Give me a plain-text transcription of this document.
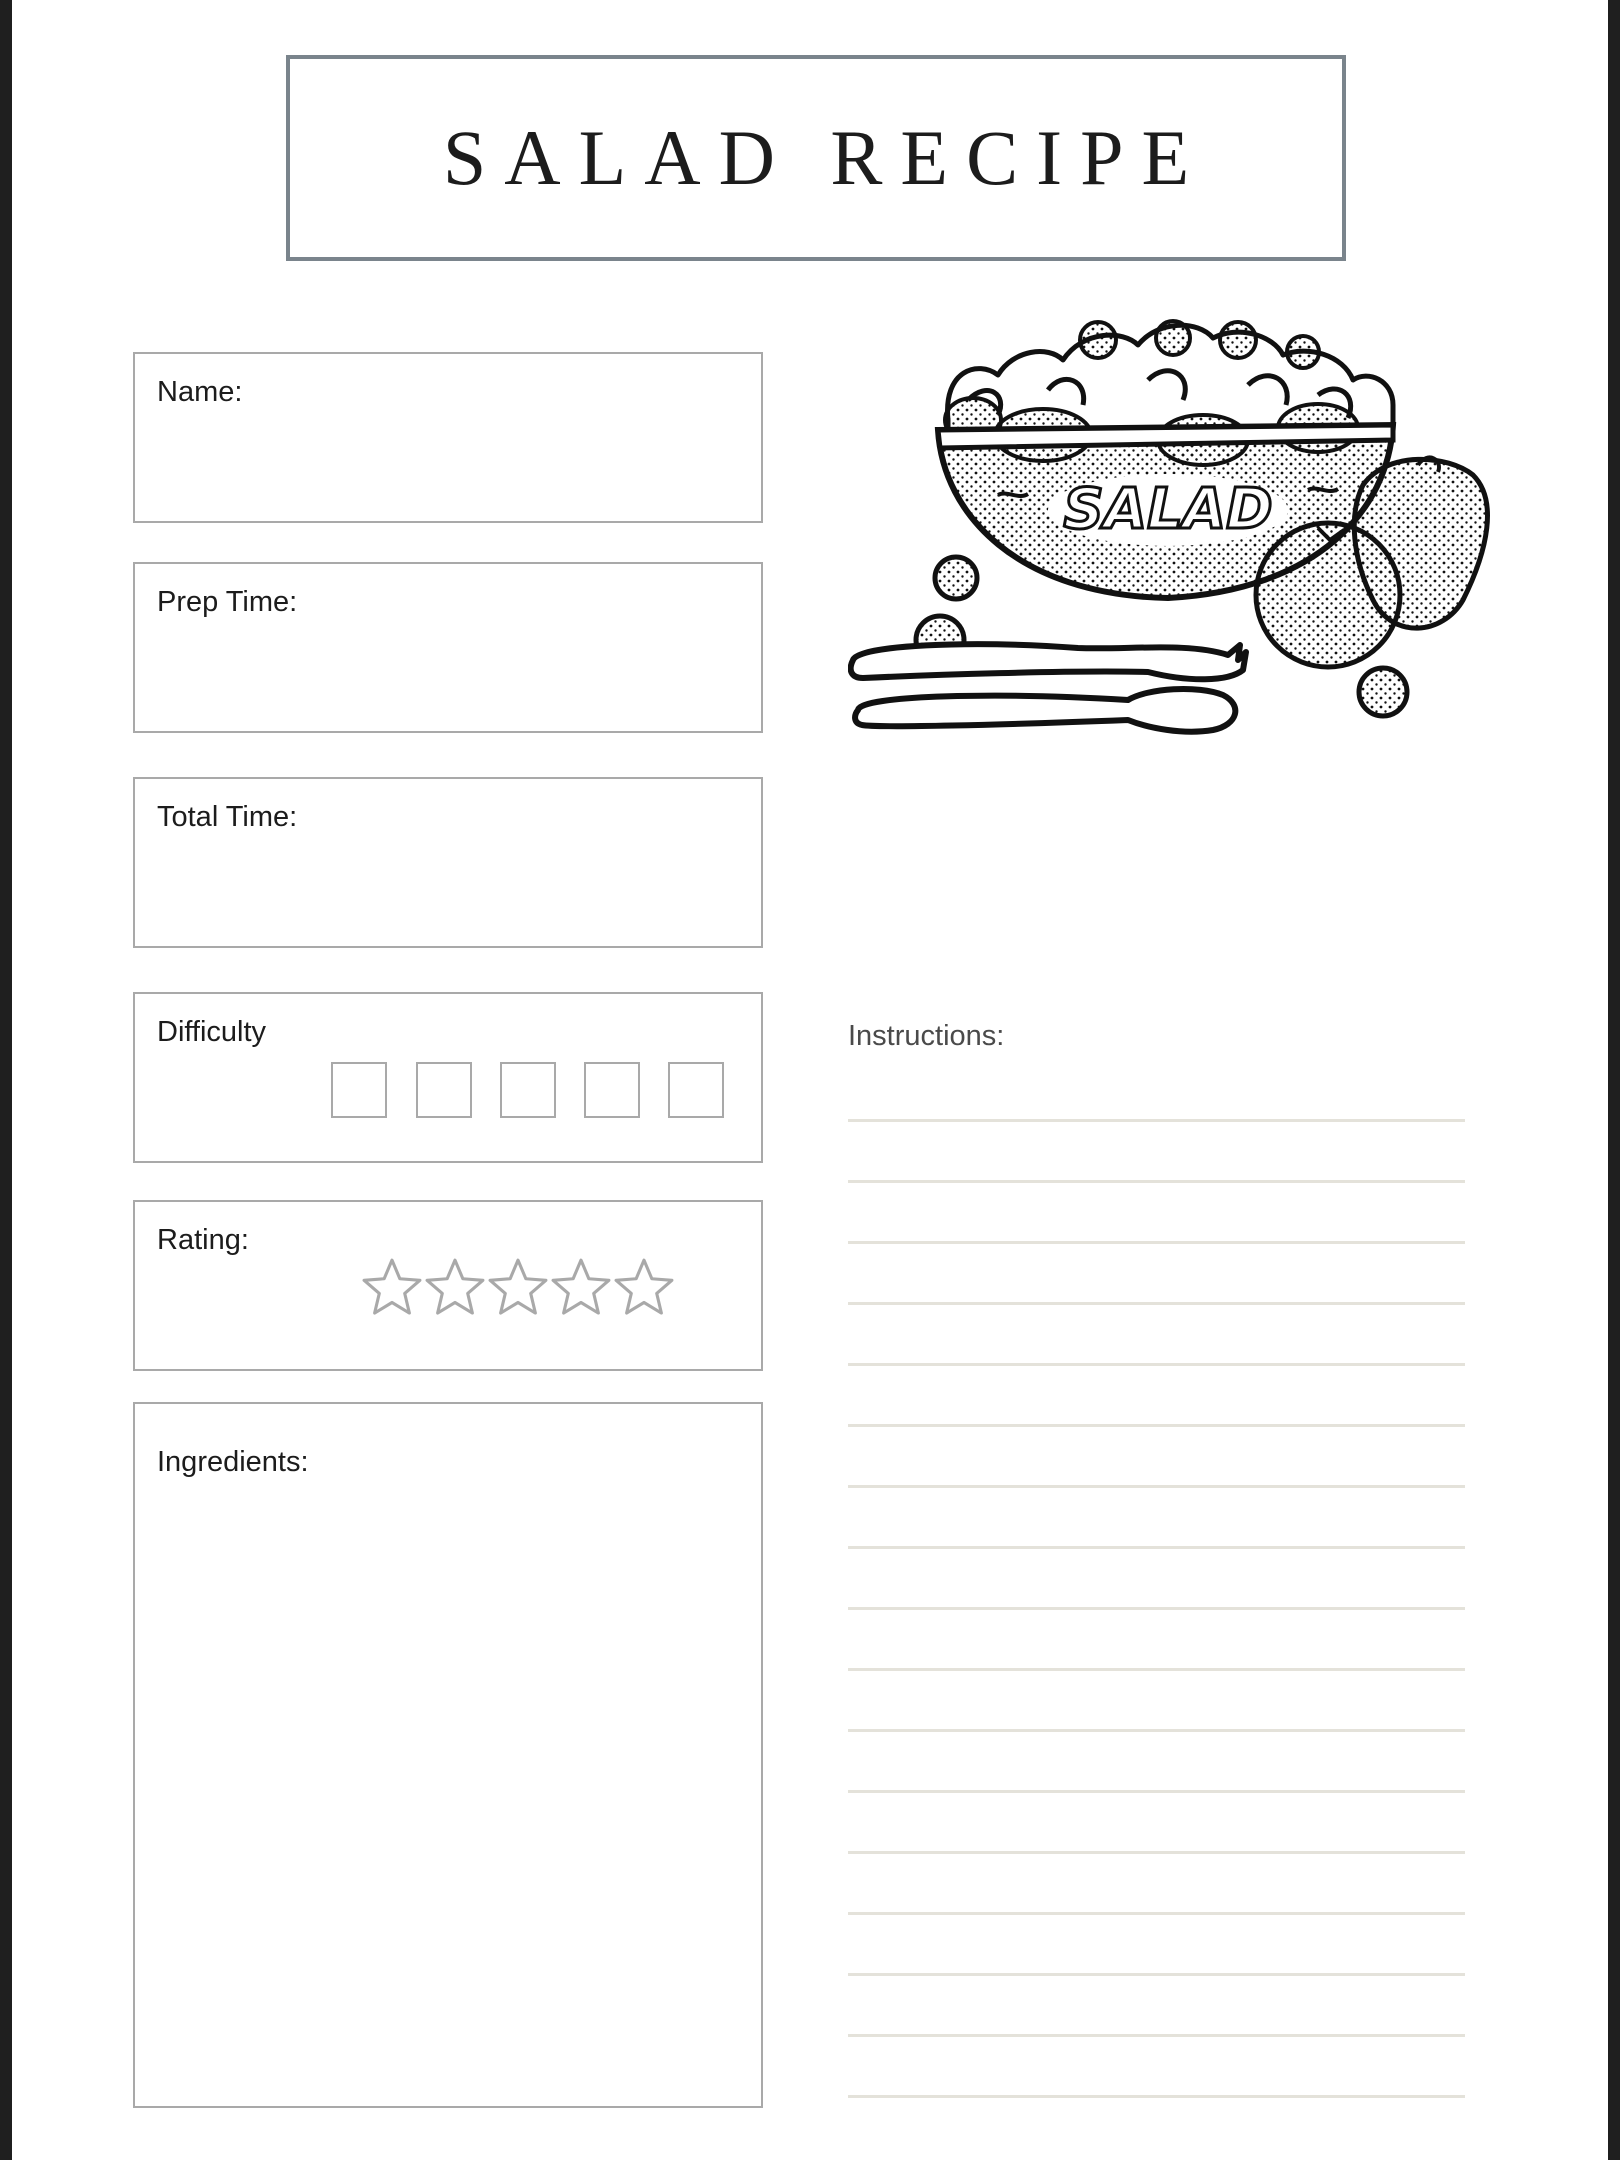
SALAD RECIPE
Name:
Prep Time:
Total Time:
Difficulty
Rating:
Ingredients:
SALAD
Instructions:
